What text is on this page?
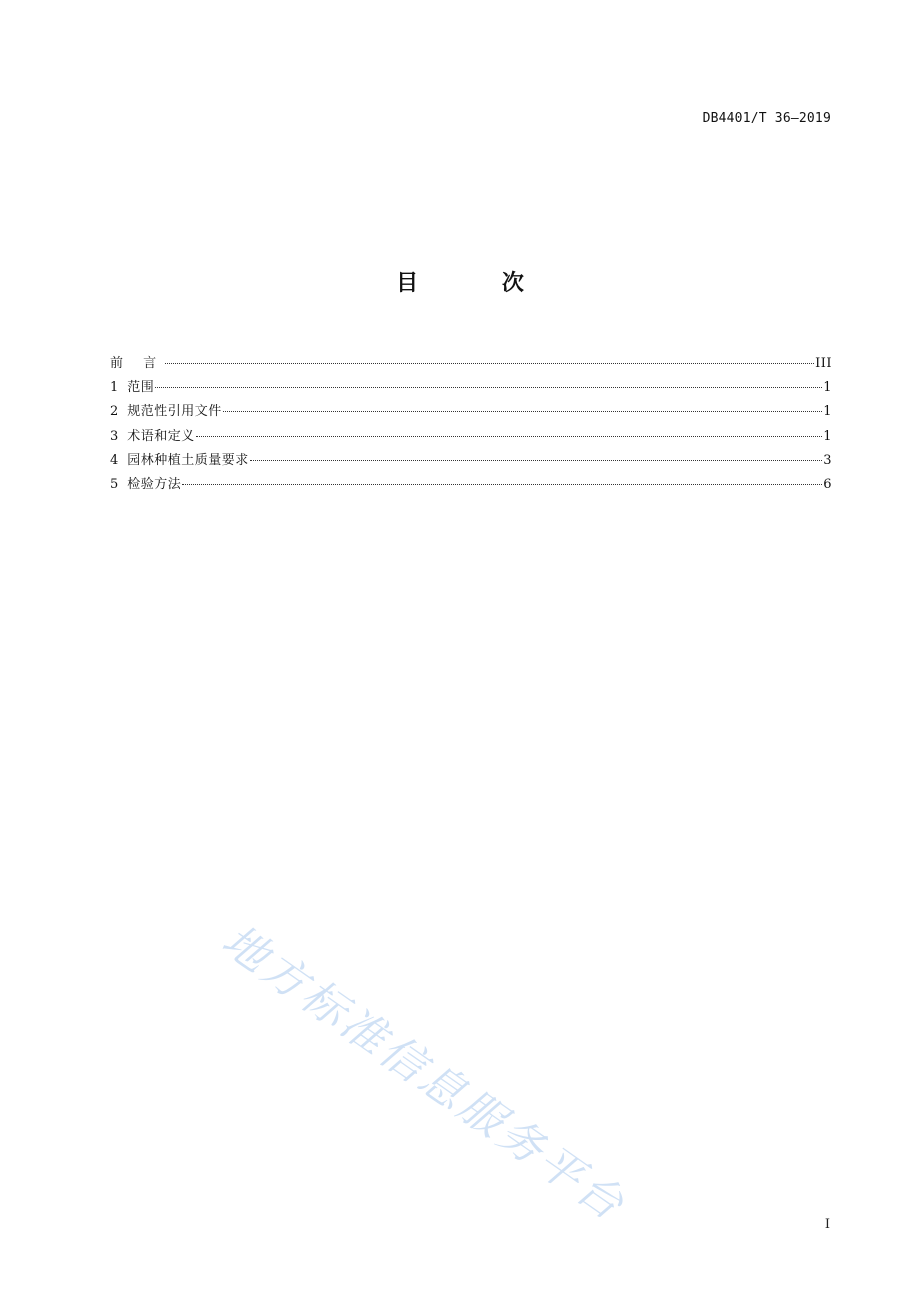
DB4401/T 36—2019
目 次
前 言	III
1 范围	1
2 规范性引用文件	1
3 术语和定义	1
4 园林种植土质量要求	3
5 检验方法	6
地方标准信息服务平台	I
